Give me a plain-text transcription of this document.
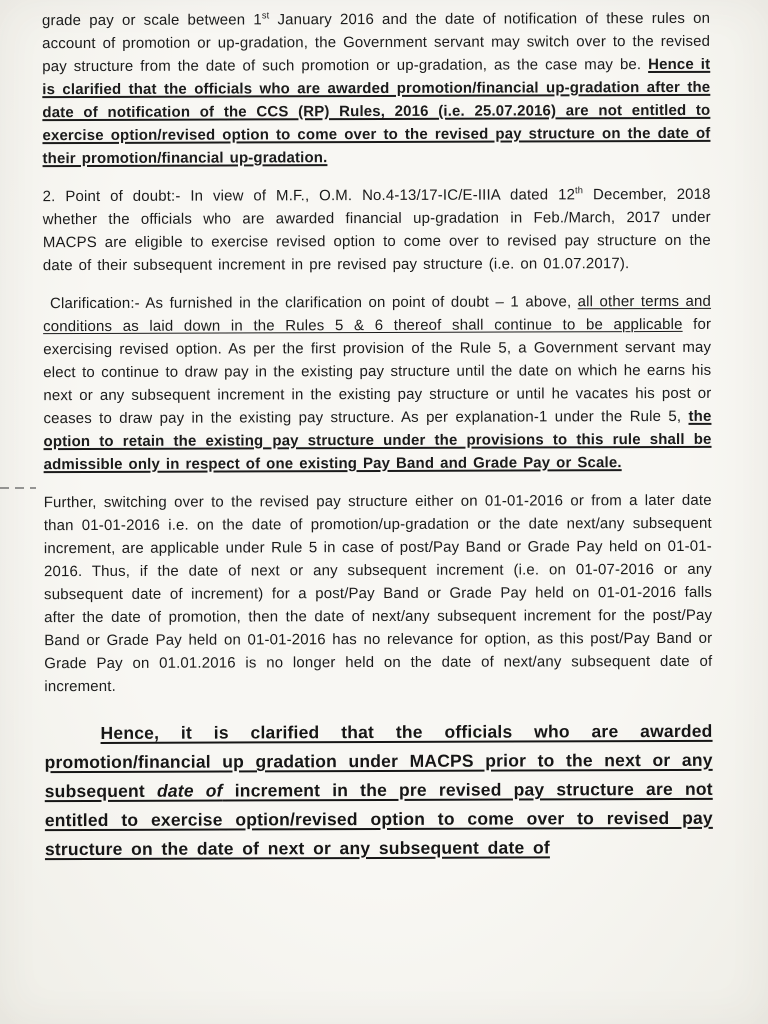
grade pay or scale between 1st January 2016 and the date of notification of these rules on account of promotion or up-gradation, the Government servant may switch over to the revised pay structure from the date of such promotion or up-gradation, as the case may be. Hence it is clarified that the officials who are awarded promotion/financial up-gradation after the date of notification of the CCS (RP) Rules, 2016 (i.e. 25.07.2016) are not entitled to exercise option/revised option to come over to the revised pay structure on the date of their promotion/financial up-gradation.

2. Point of doubt:- In view of M.F., O.M. No.4-13/17-IC/E-IIIA dated 12th December, 2018 whether the officials who are awarded financial up-gradation in Feb./March, 2017 under MACPS are eligible to exercise revised option to come over to revised pay structure on the date of their subsequent increment in pre revised pay structure (i.e. on 01.07.2017).

Clarification:- As furnished in the clarification on point of doubt – 1 above, all other terms and conditions as laid down in the Rules 5 & 6 thereof shall continue to be applicable for exercising revised option. As per the first provision of the Rule 5, a Government servant may elect to continue to draw pay in the existing pay structure until the date on which he earns his next or any subsequent increment in the existing pay structure or until he vacates his post or ceases to draw pay in the existing pay structure. As per explanation-1 under the Rule 5, the option to retain the existing pay structure under the provisions to this rule shall be admissible only in respect of one existing Pay Band and Grade Pay or Scale.

Further, switching over to the revised pay structure either on 01-01-2016 or from a later date than 01-01-2016 i.e. on the date of promotion/up-gradation or the date next/any subsequent increment, are applicable under Rule 5 in case of post/Pay Band or Grade Pay held on 01-01-2016. Thus, if the date of next or any subsequent increment (i.e. on 01-07-2016 or any subsequent date of increment) for a post/Pay Band or Grade Pay held on 01-01-2016 falls after the date of promotion, then the date of next/any subsequent increment for the post/Pay Band or Grade Pay held on 01-01-2016 has no relevance for option, as this post/Pay Band or Grade Pay on 01.01.2016 is no longer held on the date of next/any subsequent date of increment.

Hence, it is clarified that the officials who are awarded promotion/financial up gradation under MACPS prior to the next or any subsequent date of increment in the pre revised pay structure are not entitled to exercise option/revised option to come over to revised pay structure on the date of next or any subsequent date of
